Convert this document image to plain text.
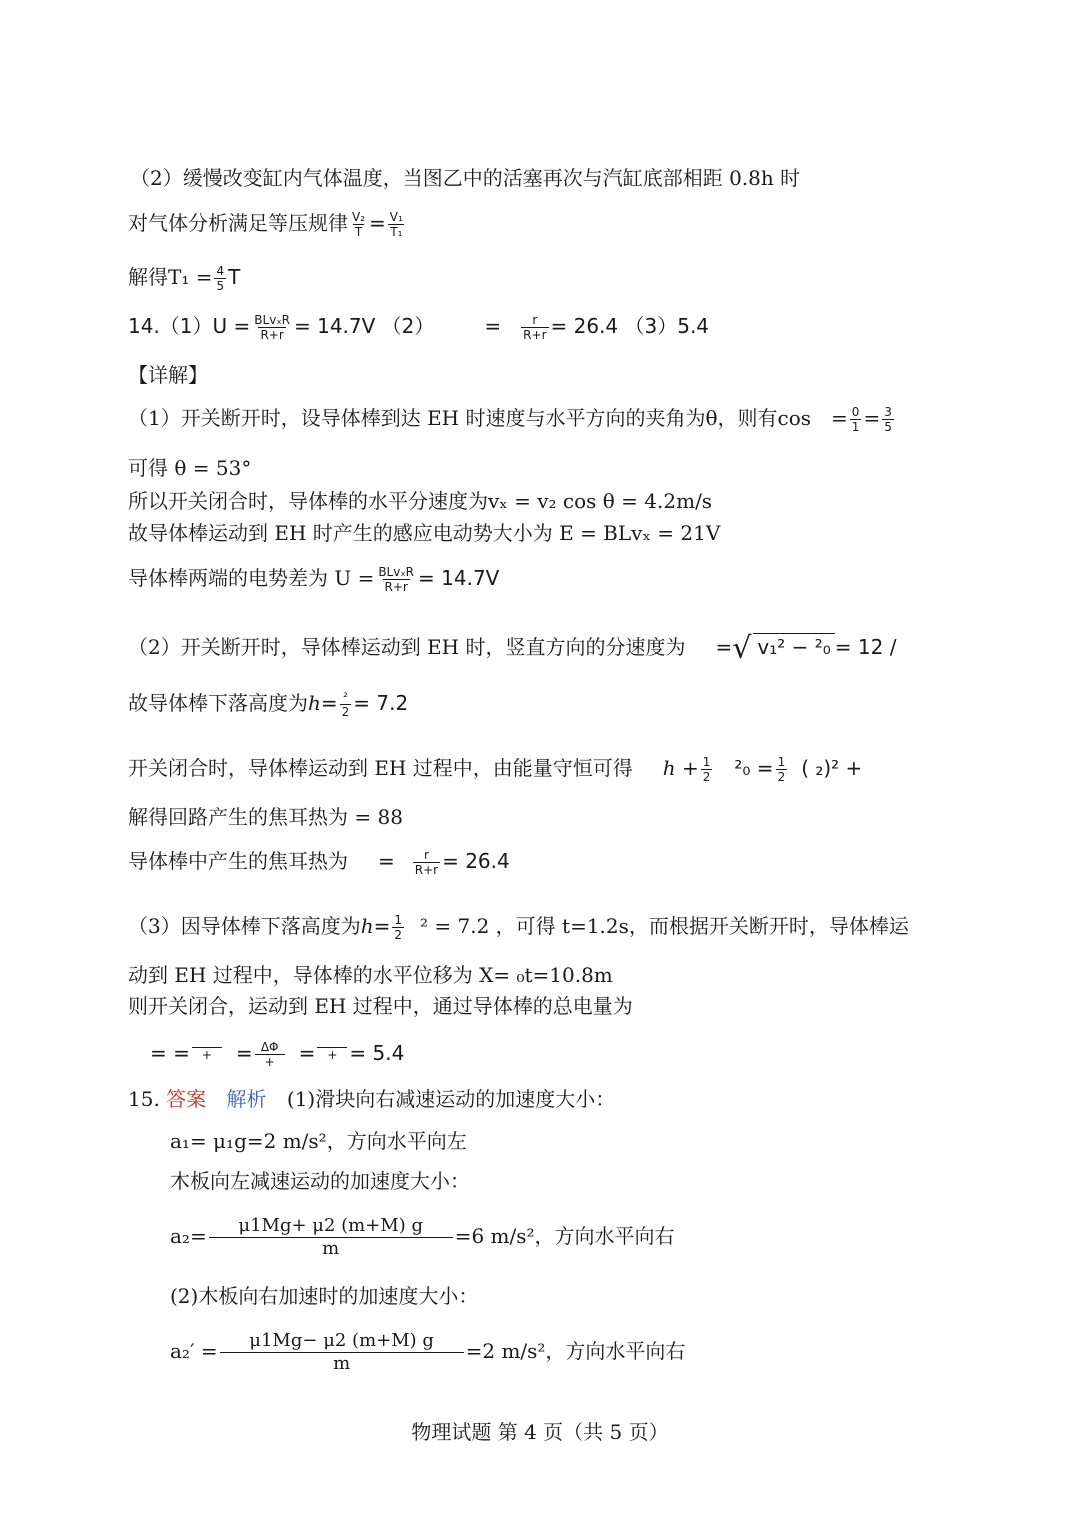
（2）缓慢改变缸内气体温度，当图乙中的活塞再次与汽缸底部相距 0.8h 时
对气体分析满足等压规律 $\frac{\text{V₂}}{T} = \frac{\text{V₁}}{\text{T₁}}$
解得$T_1 = \frac{4}{5}$ T
$14.(1)U = \frac{\text{BLvₓR}}{R+r} = 14.7V$ （2）	= $\frac{r}{R+r} = 26.4$ （3）5.4
【详解】
（1）开关断开时，设导体棒到达 EH 时速度与水平方向的夹角为θ，则有$\cos = \frac{0}{1} = \frac{3}{5}$
可得 θ = 53°
所以开关闭合时，导体棒的水平分速度为vₓ = v₂ cos θ = 4.2m/s
故导体棒运动到 EH 时产生的感应电动势大小为 E = BLvₓ = 21V
导体棒两端的电势差为 $U = \frac{\text{BLvₓR}}{R+r} = 14.7V$
（2）开关断开时，导体棒运动到 EH 时，竖直方向的分速度为 =√ v₁² − ²₀ = 12 /
故导体棒下落高度为$h= \frac{\text{²}}{2} = 7.2$
开关闭合时，导体棒运动到 EH 过程中，由能量守恒可得 $h + \frac{1}{2} ^2_0 = \frac{1}{2}$ ( ₂)² +
解得回路产生的焦耳热为 = 88
导体棒中产生的焦耳热为 = $\frac{r}{R+r} = 26.4$
（3）因导体棒下落高度为$h= \frac{1}{2} ^2 = 7.2$ ，可得 t=1.2s，而根据开关断开时，导体棒运
动到 EH 过程中，导体棒的水平位移为 X= ₀t=10.8m
则开关闭合，运动到 EH 过程中，通过导体棒的总电量为
= = +	= $\frac{\Delta\Phi}{+}$ = + = 5.4
15. 答案 解析 (1)滑块向右减速运动的加速度大小：
a₁= μ₁g=2 m/s²，方向水平向左
木板向左减速运动的加速度大小：
$a_2= \frac{\mu 1Mg+ \mu 2 (m+M) g}{m} =6$ m/s²，方向水平向右
(2)木板向右加速时的加速度大小：
$a_2' = \frac{\mu 1Mg- \mu 2 (m+M) g}{m} =2$ m/s²，方向水平向右
物理试题 第 4 页（共 5 页）
